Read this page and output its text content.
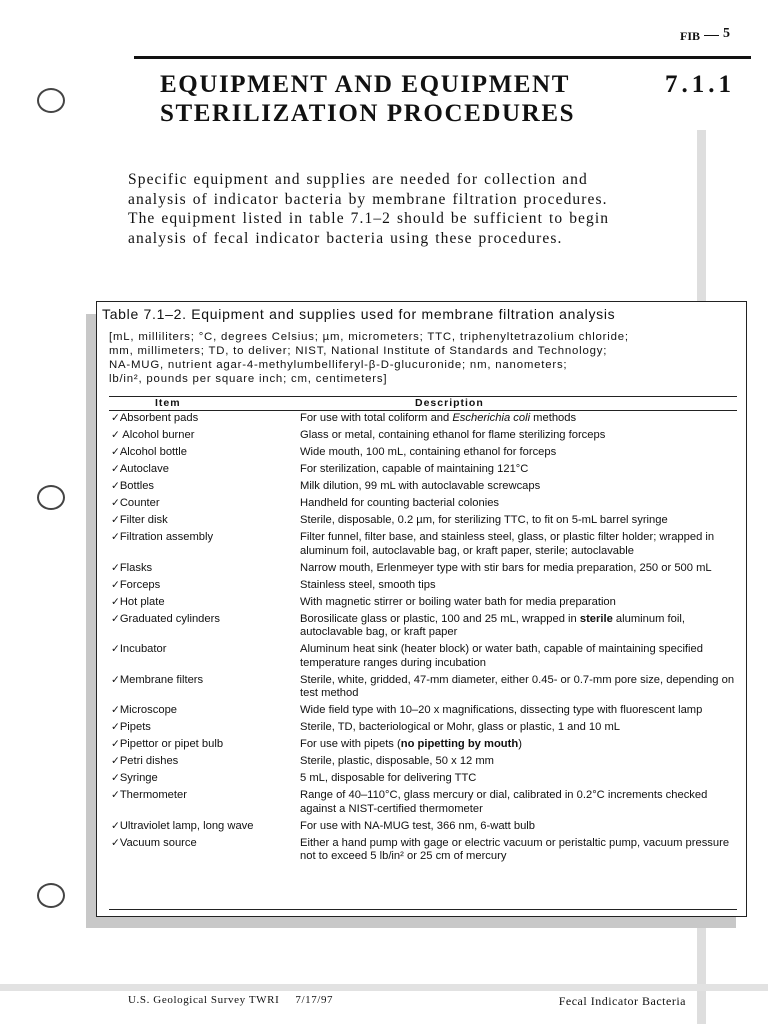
FIB 5
EQUIPMENT AND EQUIPMENT
STERILIZATION PROCEDURES
7.1.1

Specific equipment and supplies are needed for collection and
analysis of indicator bacteria by membrane filtration procedures.
The equipment listed in table 7.1–2 should be sufficient to begin
analysis of fecal indicator bacteria using these procedures.

Table 7.1–2. Equipment and supplies used for membrane filtration analysis
[mL, milliliters; °C, degrees Celsius; µm, micrometers; TTC, triphenyltetrazolium chloride;
mm, millimeters; TD, to deliver; NIST, National Institute of Standards and Technology;
NA-MUG, nutrient agar-4-methylumbelliferyl-β-D-glucuronide; nm, nanometers;
lb/in², pounds per square inch; cm, centimeters]
Item	Description
✓Absorbent pads	For use with total coliform and Escherichia coli methods
✓ Alcohol burner	Glass or metal, containing ethanol for flame sterilizing forceps
✓Alcohol bottle	Wide mouth, 100 mL, containing ethanol for forceps
✓Autoclave	For sterilization, capable of maintaining 121°C
✓Bottles	Milk dilution, 99 mL with autoclavable screwcaps
✓Counter	Handheld for counting bacterial colonies
✓Filter disk	Sterile, disposable, 0.2 µm, for sterilizing TTC, to fit on 5-mL barrel syringe
✓Filtration assembly	Filter funnel, filter base, and stainless steel, glass, or plastic filter holder; wrapped in aluminum foil, autoclavable bag, or kraft paper, sterile; autoclavable
✓Flasks	Narrow mouth, Erlenmeyer type with stir bars for media preparation, 250 or 500 mL
✓Forceps	Stainless steel, smooth tips
✓Hot plate	With magnetic stirrer or boiling water bath for media preparation
✓Graduated cylinders	Borosilicate glass or plastic, 100 and 25 mL, wrapped in sterile aluminum foil, autoclavable bag, or kraft paper
✓Incubator	Aluminum heat sink (heater block) or water bath, capable of maintaining specified temperature ranges during incubation
✓Membrane filters	Sterile, white, gridded, 47-mm diameter, either 0.45- or 0.7-mm pore size, depending on test method
✓Microscope	Wide field type with 10–20 x magnifications, dissecting type with fluorescent lamp
✓Pipets	Sterile, TD, bacteriological or Mohr, glass or plastic, 1 and 10 mL
✓Pipettor or pipet bulb	For use with pipets (no pipetting by mouth)
✓Petri dishes	Sterile, plastic, disposable, 50 x 12 mm
✓Syringe	5 mL, disposable for delivering TTC
✓Thermometer	Range of 40–110°C, glass mercury or dial, calibrated in 0.2°C increments checked against a NIST-certified thermometer
✓Ultraviolet lamp, long wave	For use with NA-MUG test, 366 nm, 6-watt bulb
✓Vacuum source	Either a hand pump with gage or electric vacuum or peristaltic pump, vacuum pressure not to exceed 5 lb/in² or 25 cm of mercury
U.S. Geological Survey TWRI 7/17/97	Fecal Indicator Bacteria
